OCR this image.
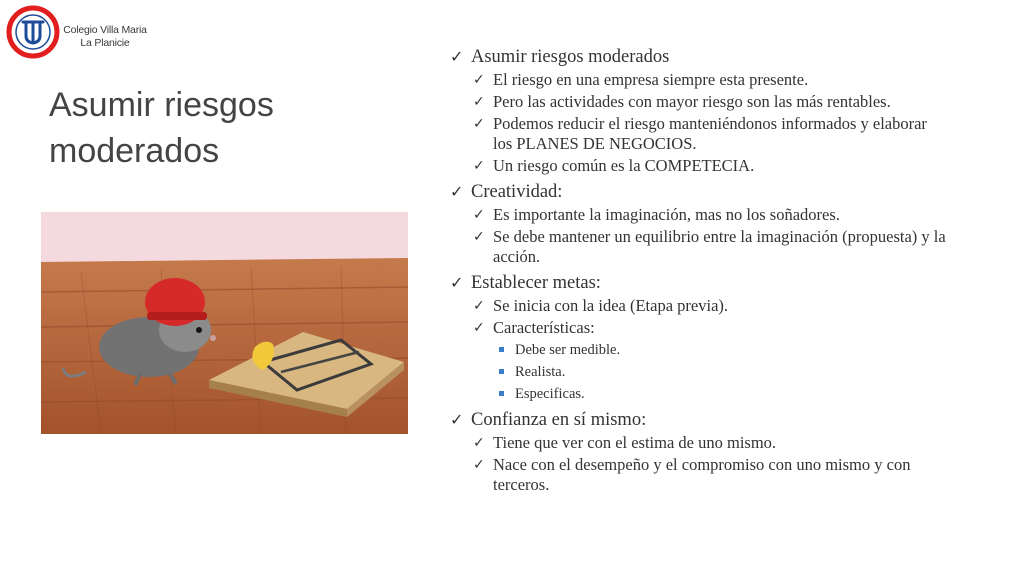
Colegio Villa Maria
La Planicie
Asumir riesgos
moderados
✓ Asumir riesgos moderados
✓ El riesgo en una empresa siempre esta presente.
✓ Pero las actividades con mayor riesgo son las más rentables.
✓ Podemos reducir el riesgo manteniéndonos informados y elaborar los PLANES DE NEGOCIOS.
✓ Un riesgo común es la COMPETECIA.
✓ Creatividad:
✓ Es importante la imaginación, mas no los soñadores.
✓ Se debe mantener un equilibrio entre la imaginación (propuesta) y la acción.
✓ Establecer metas:
✓ Se inicia con la idea (Etapa previa).
✓ Características:
Debe ser medible.
Realista.
Especificas.
✓ Confianza en sí mismo:
✓ Tiene que ver con el estima de uno mismo.
✓ Nace con el desempeño y el compromiso con uno mismo y con terceros.
